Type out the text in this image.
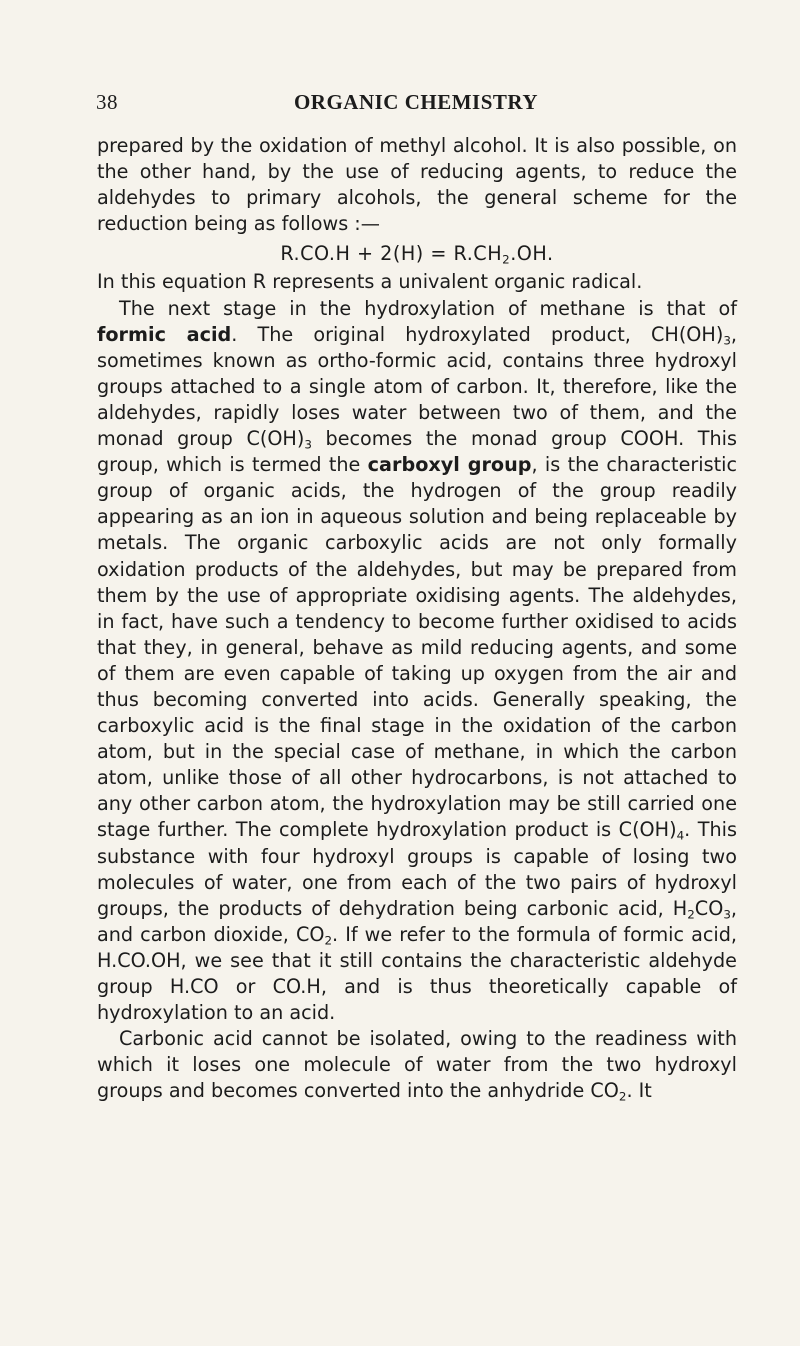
38	ORGANIC CHEMISTRY

prepared by the oxidation of methyl alcohol. It is also possible, on the other hand, by the use of reducing agents, to reduce the aldehydes to primary alcohols, the general scheme for the reduction being as follows :—

$R.CO.H + 2(H) = R.CH_2.OH$.

In this equation R represents a univalent organic radical.

The next stage in the hydroxylation of methane is that of formic acid. The original hydroxylated product, $CH(OH)_3$, sometimes known as ortho-formic acid, contains three hydroxyl groups attached to a single atom of carbon. It, therefore, like the aldehydes, rapidly loses water between two of them, and the monad group $C(OH)_3$ becomes the monad group COOH. This group, which is termed the carboxyl group, is the characteristic group of organic acids, the hydrogen of the group readily appearing as an ion in aqueous solution and being replaceable by metals. The organic carboxylic acids are not only formally oxidation products of the aldehydes, but may be prepared from them by the use of appropriate oxidising agents. The aldehydes, in fact, have such a tendency to become further oxidised to acids that they, in general, behave as mild reducing agents, and some of them are even capable of taking up oxygen from the air and thus becoming converted into acids. Generally speaking, the carboxylic acid is the final stage in the oxidation of the carbon atom, but in the special case of methane, in which the carbon atom, unlike those of all other hydrocarbons, is not attached to any other carbon atom, the hydroxylation may be still carried one stage further. The complete hydroxylation product is $C(OH)_4$. This substance with four hydroxyl groups is capable of losing two molecules of water, one from each of the two pairs of hydroxyl groups, the products of dehydration being carbonic acid, $H_2CO_3$, and carbon dioxide, $CO_2$. If we refer to the formula of formic acid, H.CO.OH, we see that it still contains the characteristic aldehyde group H.CO or CO.H, and is thus theoretically capable of hydroxylation to an acid.

Carbonic acid cannot be isolated, owing to the readiness with which it loses one molecule of water from the two hydroxyl groups and becomes converted into the anhydride $CO_2$. It
